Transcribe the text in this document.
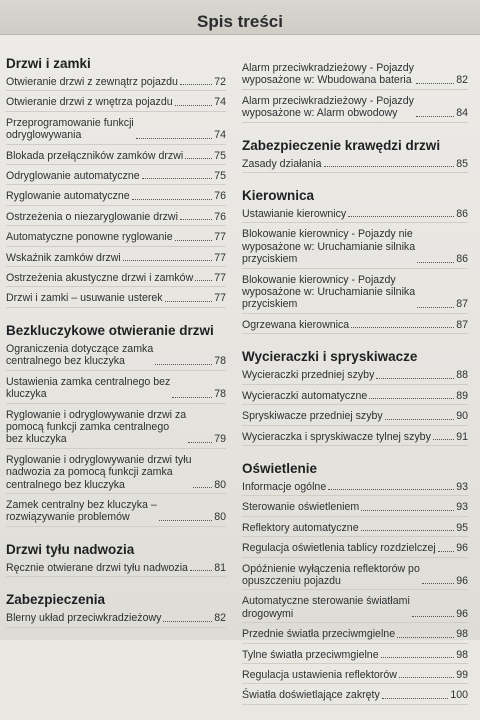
Spis treści
Drzwi i zamki
Otwieranie drzwi z zewnątrz pojazdu	72
Otwieranie drzwi z wnętrza pojazdu	74
Przeprogramowanie funkcji
odryglowywania	74
Blokada przełączników zamków drzwi	75
Odryglowanie automatyczne	75
Ryglowanie automatyczne	76
Ostrzeżenia o niezaryglowanie drzwi	76
Automatyczne ponowne ryglowanie	77
Wskaźnik zamków drzwi	77
Ostrzeżenia akustyczne drzwi i zamków 77
Drzwi i zamki – usuwanie usterek	77
Bezkluczykowe otwieranie drzwi
Ograniczenia dotyczące zamka
centralnego bez kluczyka	78
Ustawienia zamka centralnego bez
kluczyka	78
Ryglowanie i odryglowywanie drzwi za
pomocą funkcji zamka centralnego
bez kluczyka	79
Ryglowanie i odryglowywanie drzwi tyłu
nadwozia za pomocą funkcji zamka
centralnego bez kluczyka	80
Zamek centralny bez kluczyka –
rozwiązywanie problemów	80
Drzwi tyłu nadwozia
Ręcznie otwierane drzwi tyłu nadwozia 81
Zabezpieczenia
Blerny układ przeciwkradzieżowy	82
Alarm przeciwkradzieżowy - Pojazdy
wyposażone w: Wbudowana bateria	82
Alarm przeciwkradzieżowy - Pojazdy
wyposażone w: Alarm obwodowy	84
Zabezpieczenie krawędzi drzwi
Zasady działania	85
Kierownica
Ustawianie kierownicy	86
Blokowanie kierownicy - Pojazdy nie
wyposażone w: Uruchamianie silnika
przyciskiem	86
Blokowanie kierownicy - Pojazdy
wyposażone w: Uruchamianie silnika
przyciskiem	87
Ogrzewana kierownica	87
Wycieraczki i spryskiwacze
Wycieraczki przedniej szyby	88
Wycieraczki automatyczne	89
Spryskiwacze przedniej szyby	90
Wycieraczka i spryskiwacze tylnej szyby 91
Oświetlenie
Informacje ogólne	93
Sterowanie oświetleniem	93
Reflektory automatyczne	95
Regulacja oświetlenia tablicy rozdzielczej 96
Opóźnienie wyłączenia reflektorów po
opuszczeniu pojazdu	96
Automatyczne sterowanie światłami
drogowymi	96
Przednie światła przeciwmgielne	98
Tylne światła przeciwmgielne	98
Regulacja ustawienia reflektorów	99
Światła doświetlające zakręty	100
